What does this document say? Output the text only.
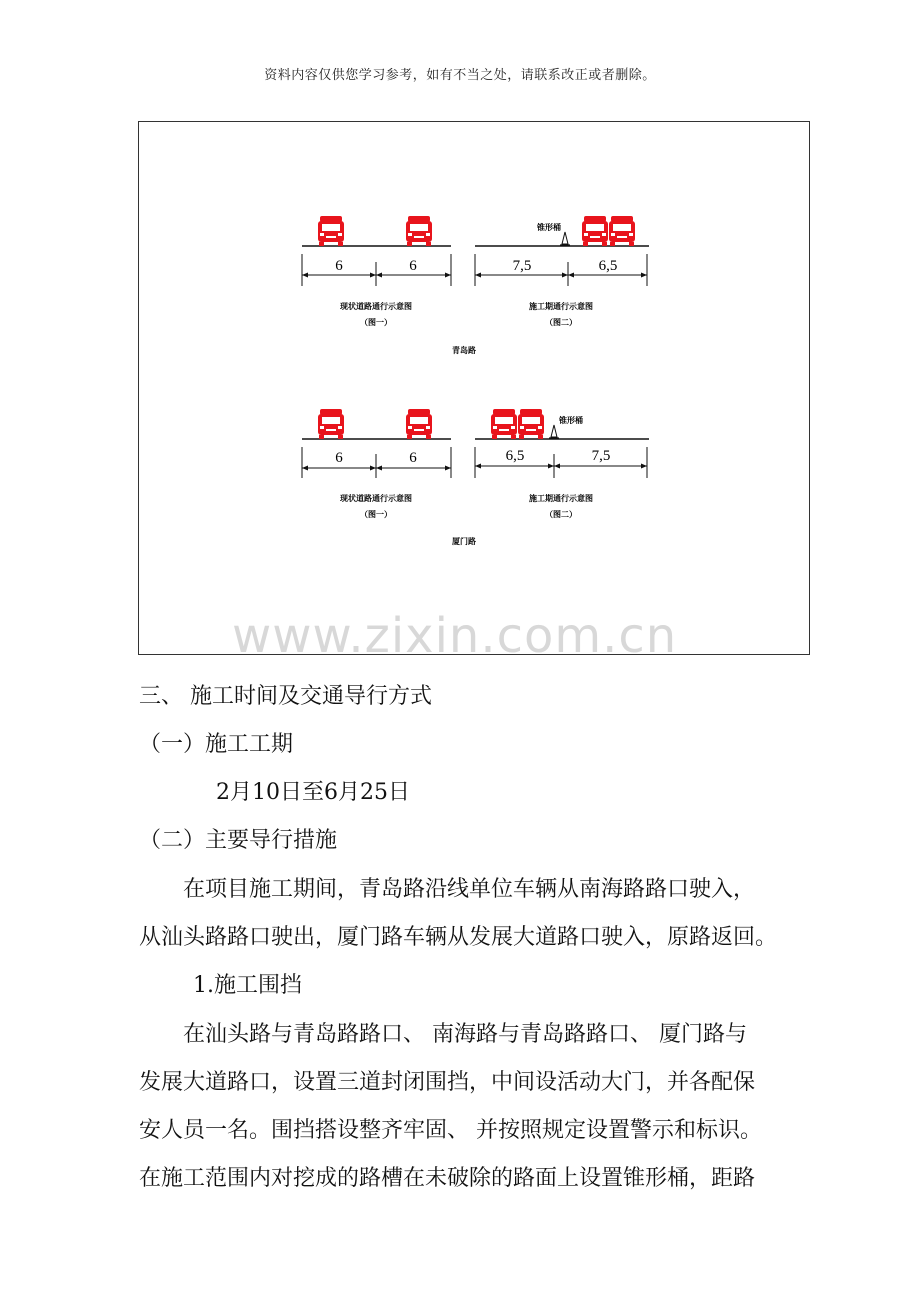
资料内容仅供您学习参考，如有不当之处，请联系改正或者删除。
6	6
现状道路通行示意图
（图一）
锥形桶
7,5	6,5
施工期通行示意图
（图二）
青岛路
6	6
现状道路通行示意图
（图一）
锥形桶
6,5	7,5
施工期通行示意图
（图二）
厦门路
www.zixin.com.cn
三、 施工时间及交通导行方式
（一）施工工期
2月10日至6月25日
（二）主要导行措施
在项目施工期间，青岛路沿线单位车辆从南海路路口驶入，
从汕头路路口驶出，厦门路车辆从发展大道路口驶入，原路返回。
1.施工围挡
在汕头路与青岛路路口、 南海路与青岛路路口、 厦门路与
发展大道路口，设置三道封闭围挡，中间设活动大门，并各配保
安人员一名。围挡搭设整齐牢固、 并按照规定设置警示和标识。
在施工范围内对挖成的路槽在未破除的路面上设置锥形桶，距路
